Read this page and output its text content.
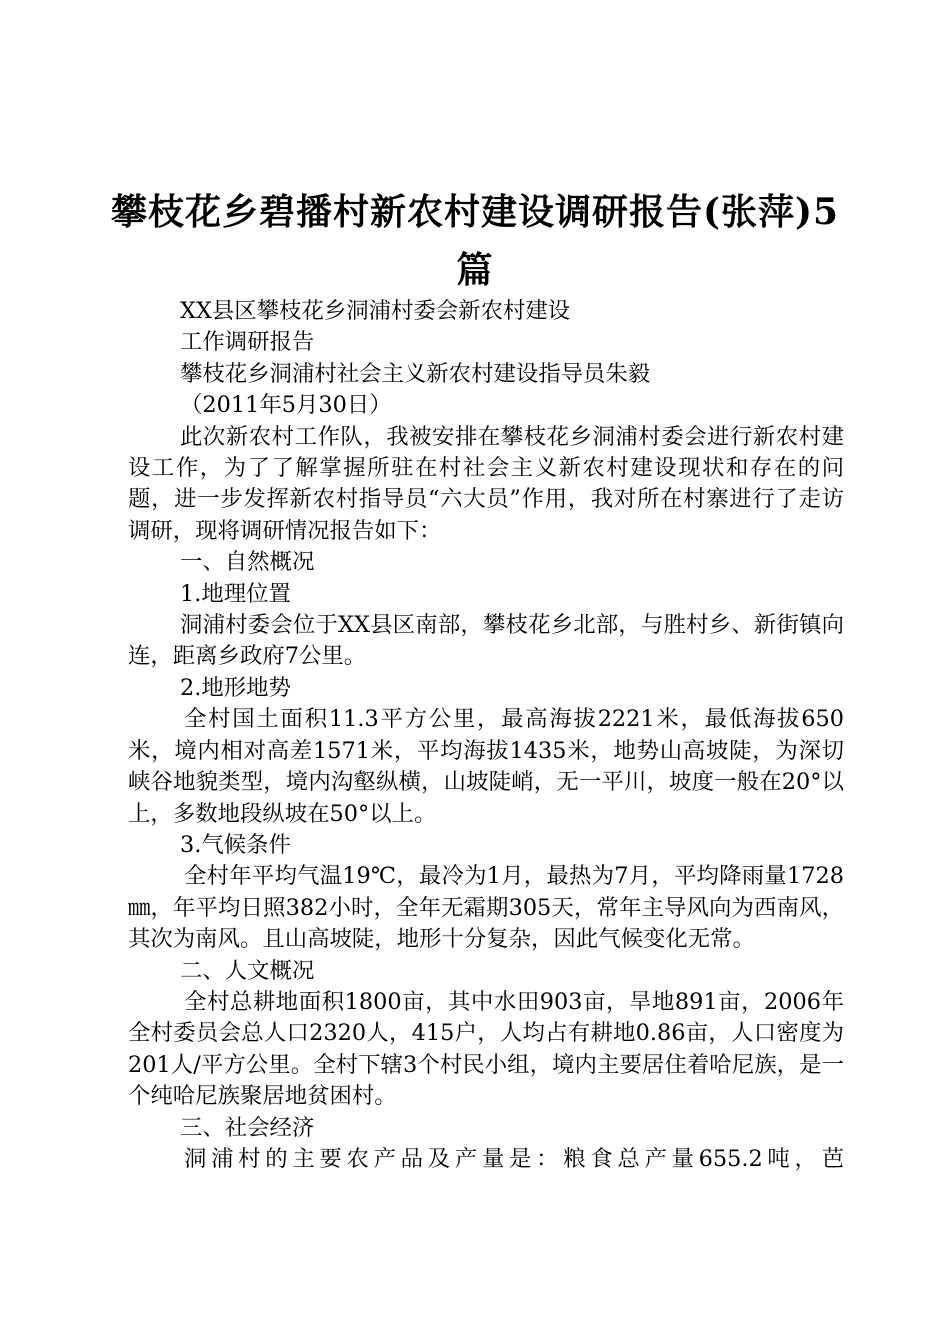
攀枝花乡碧播村新农村建设调研报告(张萍)5
篇

XX县区攀枝花乡洞浦村委会新农村建设

工作调研报告

攀枝花乡洞浦村社会主义新农村建设指导员朱毅

（2011年5月30日）

此次新农村工作队，我被安排在攀枝花乡洞浦村委会进行新农村建设工作，为了了解掌握所驻在村社会主义新农村建设现状和存在的问题，进一步发挥新农村指导员“六大员”作用，我对所在村寨进行了走访调研，现将调研情况报告如下：

一、自然概况

1.地理位置

洞浦村委会位于XX县区南部，攀枝花乡北部，与胜村乡、新街镇向连，距离乡政府7公里。

2.地形地势

全村国土面积11.3平方公里，最高海拔2221米，最低海拔650米，境内相对高差1571米，平均海拔1435米，地势山高坡陡，为深切峡谷地貌类型，境内沟壑纵横，山坡陡峭，无一平川，坡度一般在20°以上，多数地段纵坡在50°以上。

3.气候条件

全村年平均气温19℃，最冷为1月，最热为7月，平均降雨量1728㎜，年平均日照382小时，全年无霜期305天，常年主导风向为西南风，其次为南风。且山高坡陡，地形十分复杂，因此气候变化无常。

二、人文概况

全村总耕地面积1800亩，其中水田903亩，旱地891亩，2006年全村委员会总人口2320人，415户，人均占有耕地0.86亩，人口密度为201人/平方公里。全村下辖3个村民小组，境内主要居住着哈尼族，是一个纯哈尼族聚居地贫困村。

三、社会经济

洞浦村的主要农产品及产量是：粮食总产量655.2吨，芭
